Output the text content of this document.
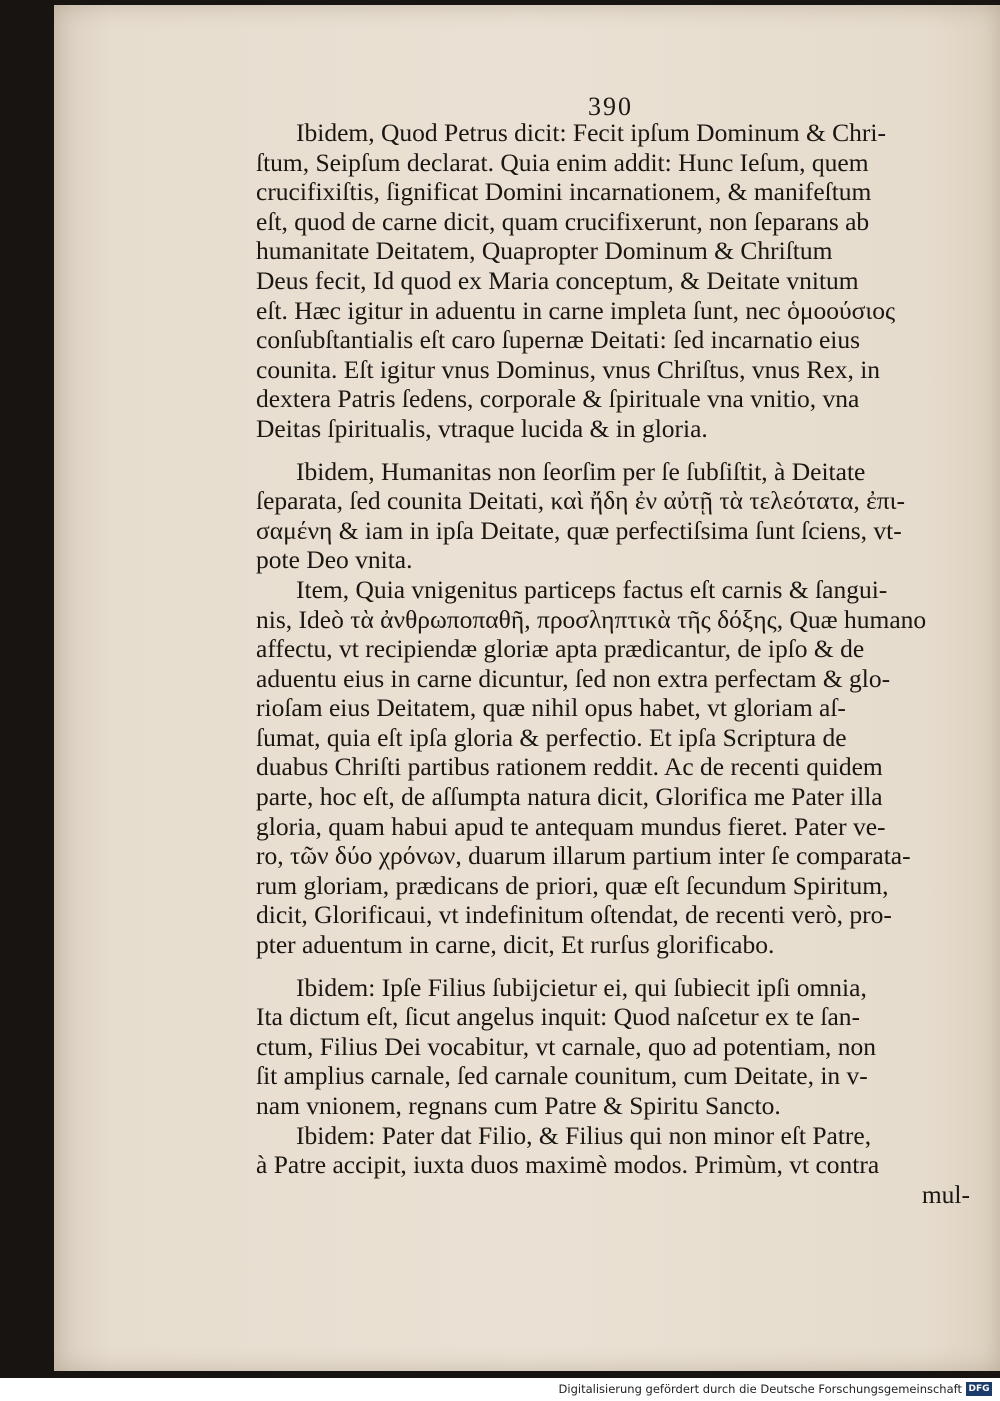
390

Ibidem, Quod Petrus dicit: Fecit ipſum Dominum & Chri-
ſtum, Seipſum declarat. Quia enim addit: Hunc Ieſum, quem
crucifixiſtis, ſignificat Domini incarnationem, & manifeſtum
eſt, quod de carne dicit, quam crucifixerunt, non ſeparans ab
humanitate Deitatem, Quapropter Dominum & Chriſtum
Deus fecit, Id quod ex Maria conceptum, & Deitate vnitum
eſt. Hæc igitur in aduentu in carne impleta ſunt, nec ὁμοούσιος
conſubſtantialis eſt caro ſupernæ Deitati: ſed incarnatio eius
counita. Eſt igitur vnus Dominus, vnus Chriſtus, vnus Rex, in
dextera Patris ſedens, corporale & ſpirituale vna vnitio, vna
Deitas ſpiritualis, vtraque lucida & in gloria.

Ibidem, Humanitas non ſeorſim per ſe ſubſiſtit, à Deitate
ſeparata, ſed counita Deitati, καὶ ἤδη ἐν αὐτῇ τὰ τελεότατα, ἐπι-
σαμένη & iam in ipſa Deitate, quæ perfectiſsima ſunt ſciens, vt-
pote Deo vnita.

Item, Quia vnigenitus particeps factus eſt carnis & ſangui-
nis, Ideò τὰ ἀνθρωποπαθῆ, προσληπτικὰ τῆς δόξης, Quæ humano
affectu, vt recipiendæ gloriæ apta prædicantur, de ipſo & de
aduentu eius in carne dicuntur, ſed non extra perfectam & glo-
rioſam eius Deitatem, quæ nihil opus habet, vt gloriam aſ-
ſumat, quia eſt ipſa gloria & perfectio. Et ipſa Scriptura de
duabus Chriſti partibus rationem reddit. Ac de recenti quidem
parte, hoc eſt, de aſſumpta natura dicit, Glorifica me Pater illa
gloria, quam habui apud te antequam mundus fieret. Pater ve-
ro, τῶν δύο χρόνων, duarum illarum partium inter ſe comparata-
rum gloriam, prædicans de priori, quæ eſt ſecundum Spiritum,
dicit, Glorificaui, vt indefinitum oſtendat, de recenti verò, pro-
pter aduentum in carne, dicit, Et rurſus glorificabo.

Ibidem: Ipſe Filius ſubijcietur ei, qui ſubiecit ipſi omnia,
Ita dictum eſt, ſicut angelus inquit: Quod naſcetur ex te ſan-
ctum, Filius Dei vocabitur, vt carnale, quo ad potentiam, non
ſit amplius carnale, ſed carnale counitum, cum Deitate, in v-
nam vnionem, regnans cum Patre & Spiritu Sancto.

Ibidem: Pater dat Filio, & Filius qui non minor eſt Patre,
à Patre accipit, iuxta duos maximè modos. Primùm, vt contra

mul-
Digitalisierung gefördert durch die Deutsche Forschungsgemeinschaft DFG
